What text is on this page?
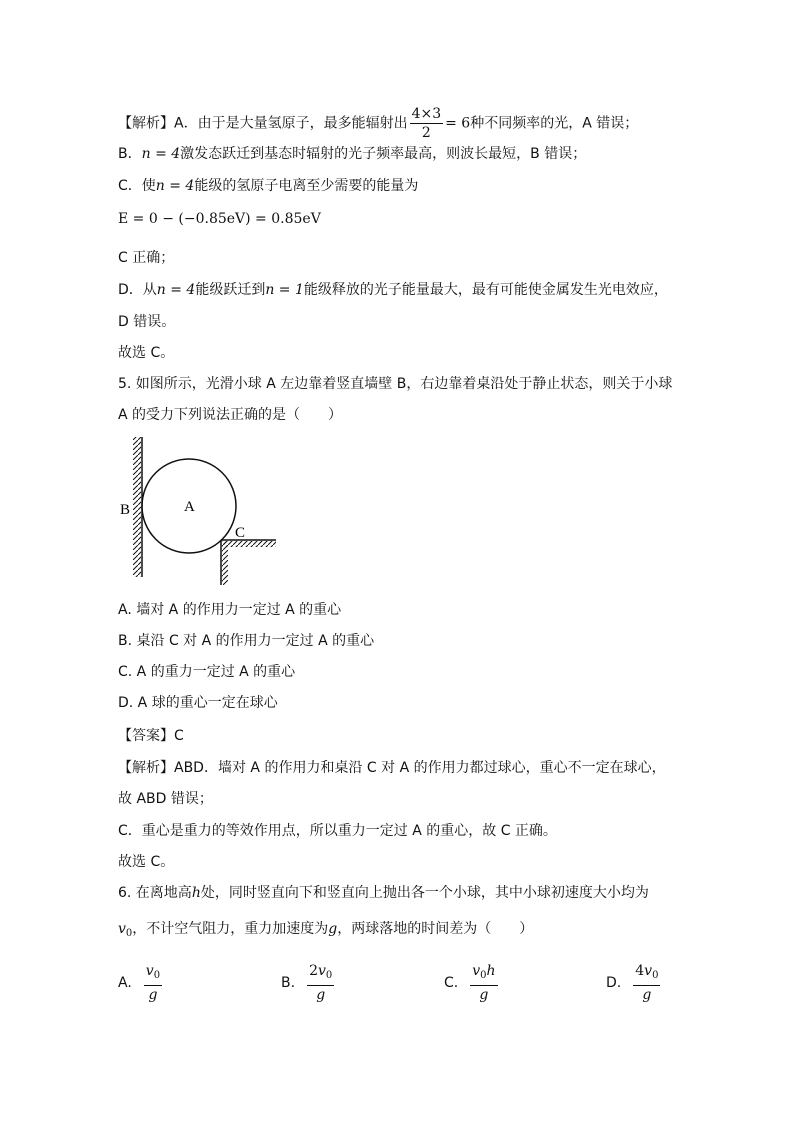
【解析】A．由于是大量氢原子，最多能辐射出 $\frac{4\times 3}{2} = 6$种不同频率的光，A 错误；
B．n = 4激发态跃迁到基态时辐射的光子频率最高，则波长最短，B 错误；
C．使n = 4能级的氢原子电离至少需要的能量为
E = 0 − (−0.85eV) = 0.85eV
C 正确；
D．从n = 4能级跃迁到n = 1能级释放的光子能量最大，最有可能使金属发生光电效应，
D 错误。
故选 C。
5. 如图所示，光滑小球 A 左边靠着竖直墙壁 B，右边靠着桌沿处于静止状态，则关于小球
A 的受力下列说法正确的是（　　）
A
B
C
A. 墙对 A 的作用力一定过 A 的重心
B. 桌沿 C 对 A 的作用力一定过 A 的重心
C. A 的重力一定过 A 的重心
D. A 球的重心一定在球心
【答案】C
【解析】ABD．墙对 A 的作用力和桌沿 C 对 A 的作用力都过球心，重心不一定在球心，
故 ABD 错误；
C．重心是重力的等效作用点，所以重力一定过 A 的重心，故 C 正确。
故选 C。
6. 在离地高h处，同时竖直向下和竖直向上抛出各一个小球，其中小球初速度大小均为
$v_0$，不计空气阻力，重力加速度为g，两球落地的时间差为（　　）
A. $\frac{v_0}{g}$	B. $\frac{2v_0}{g}$	C. $\frac{v_0h}{g}$	D. $\frac{4v_0}{g}$
